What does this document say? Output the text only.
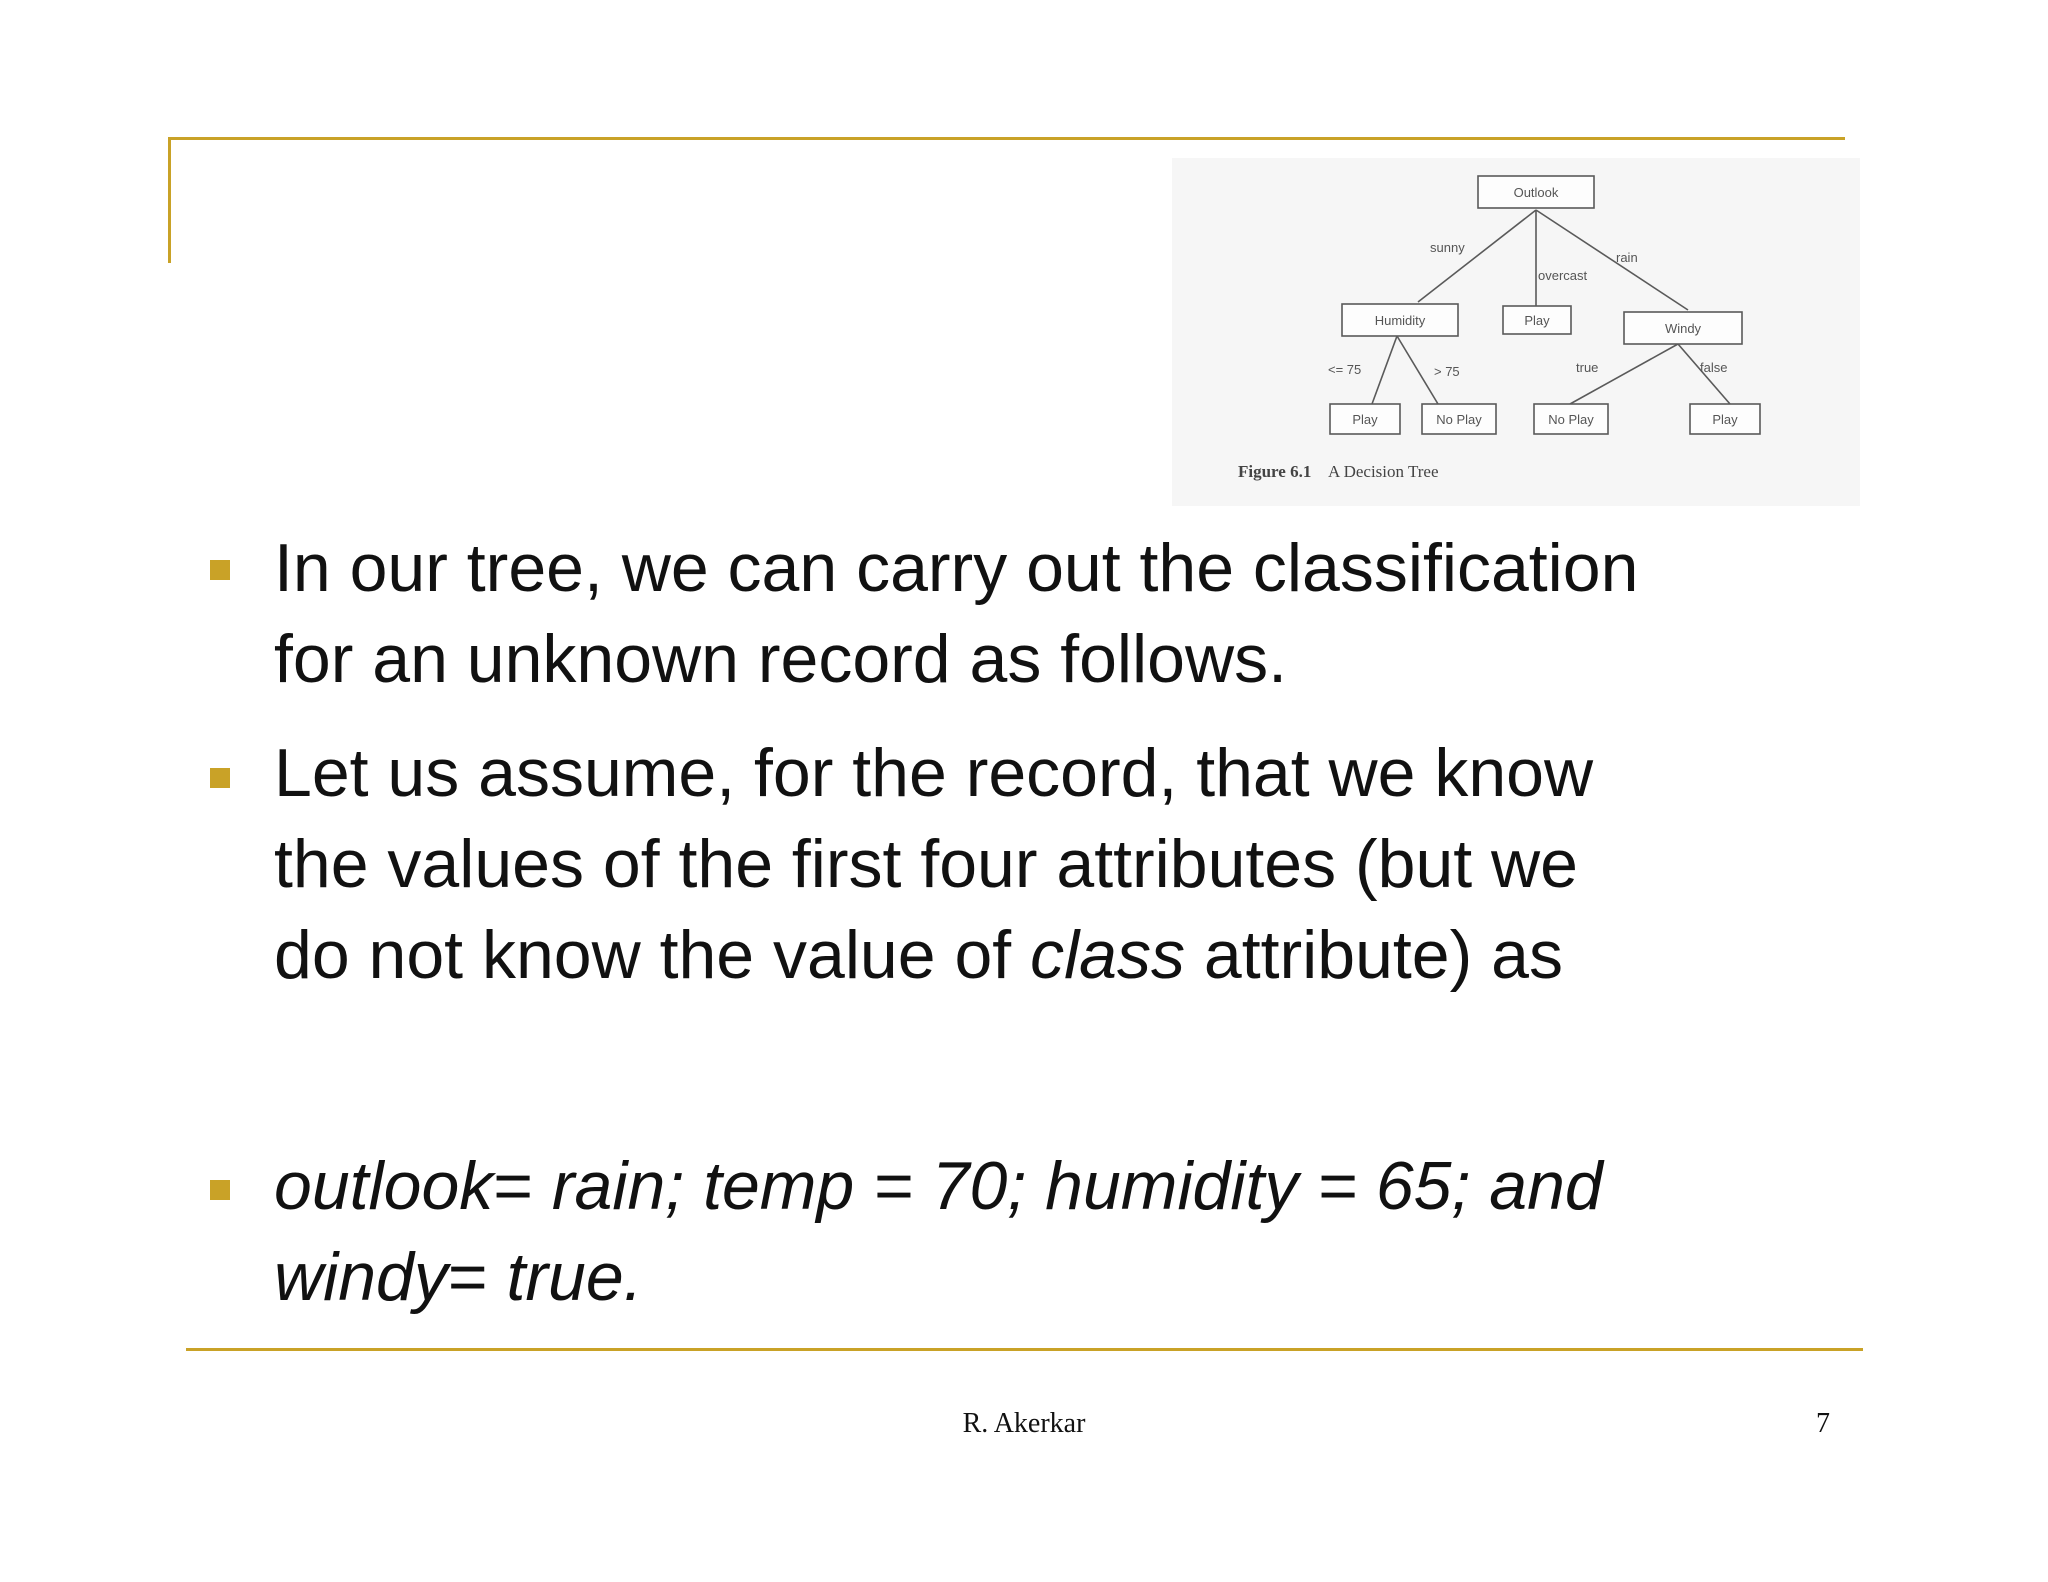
Outlook
Humidity	Play
Windy
Play	No Play	No Play	Play
sunny
overcast
rain
<= 75	> 75	true	false
Figure 6.1 A Decision Tree
In our tree, we can carry out the classification
for an unknown record as follows.
Let us assume, for the record, that we know
the values of the first four attributes (but we
do not know the value of class attribute) as
outlook= rain; temp = 70; humidity = 65; and
windy= true.
R. Akerkar	7
